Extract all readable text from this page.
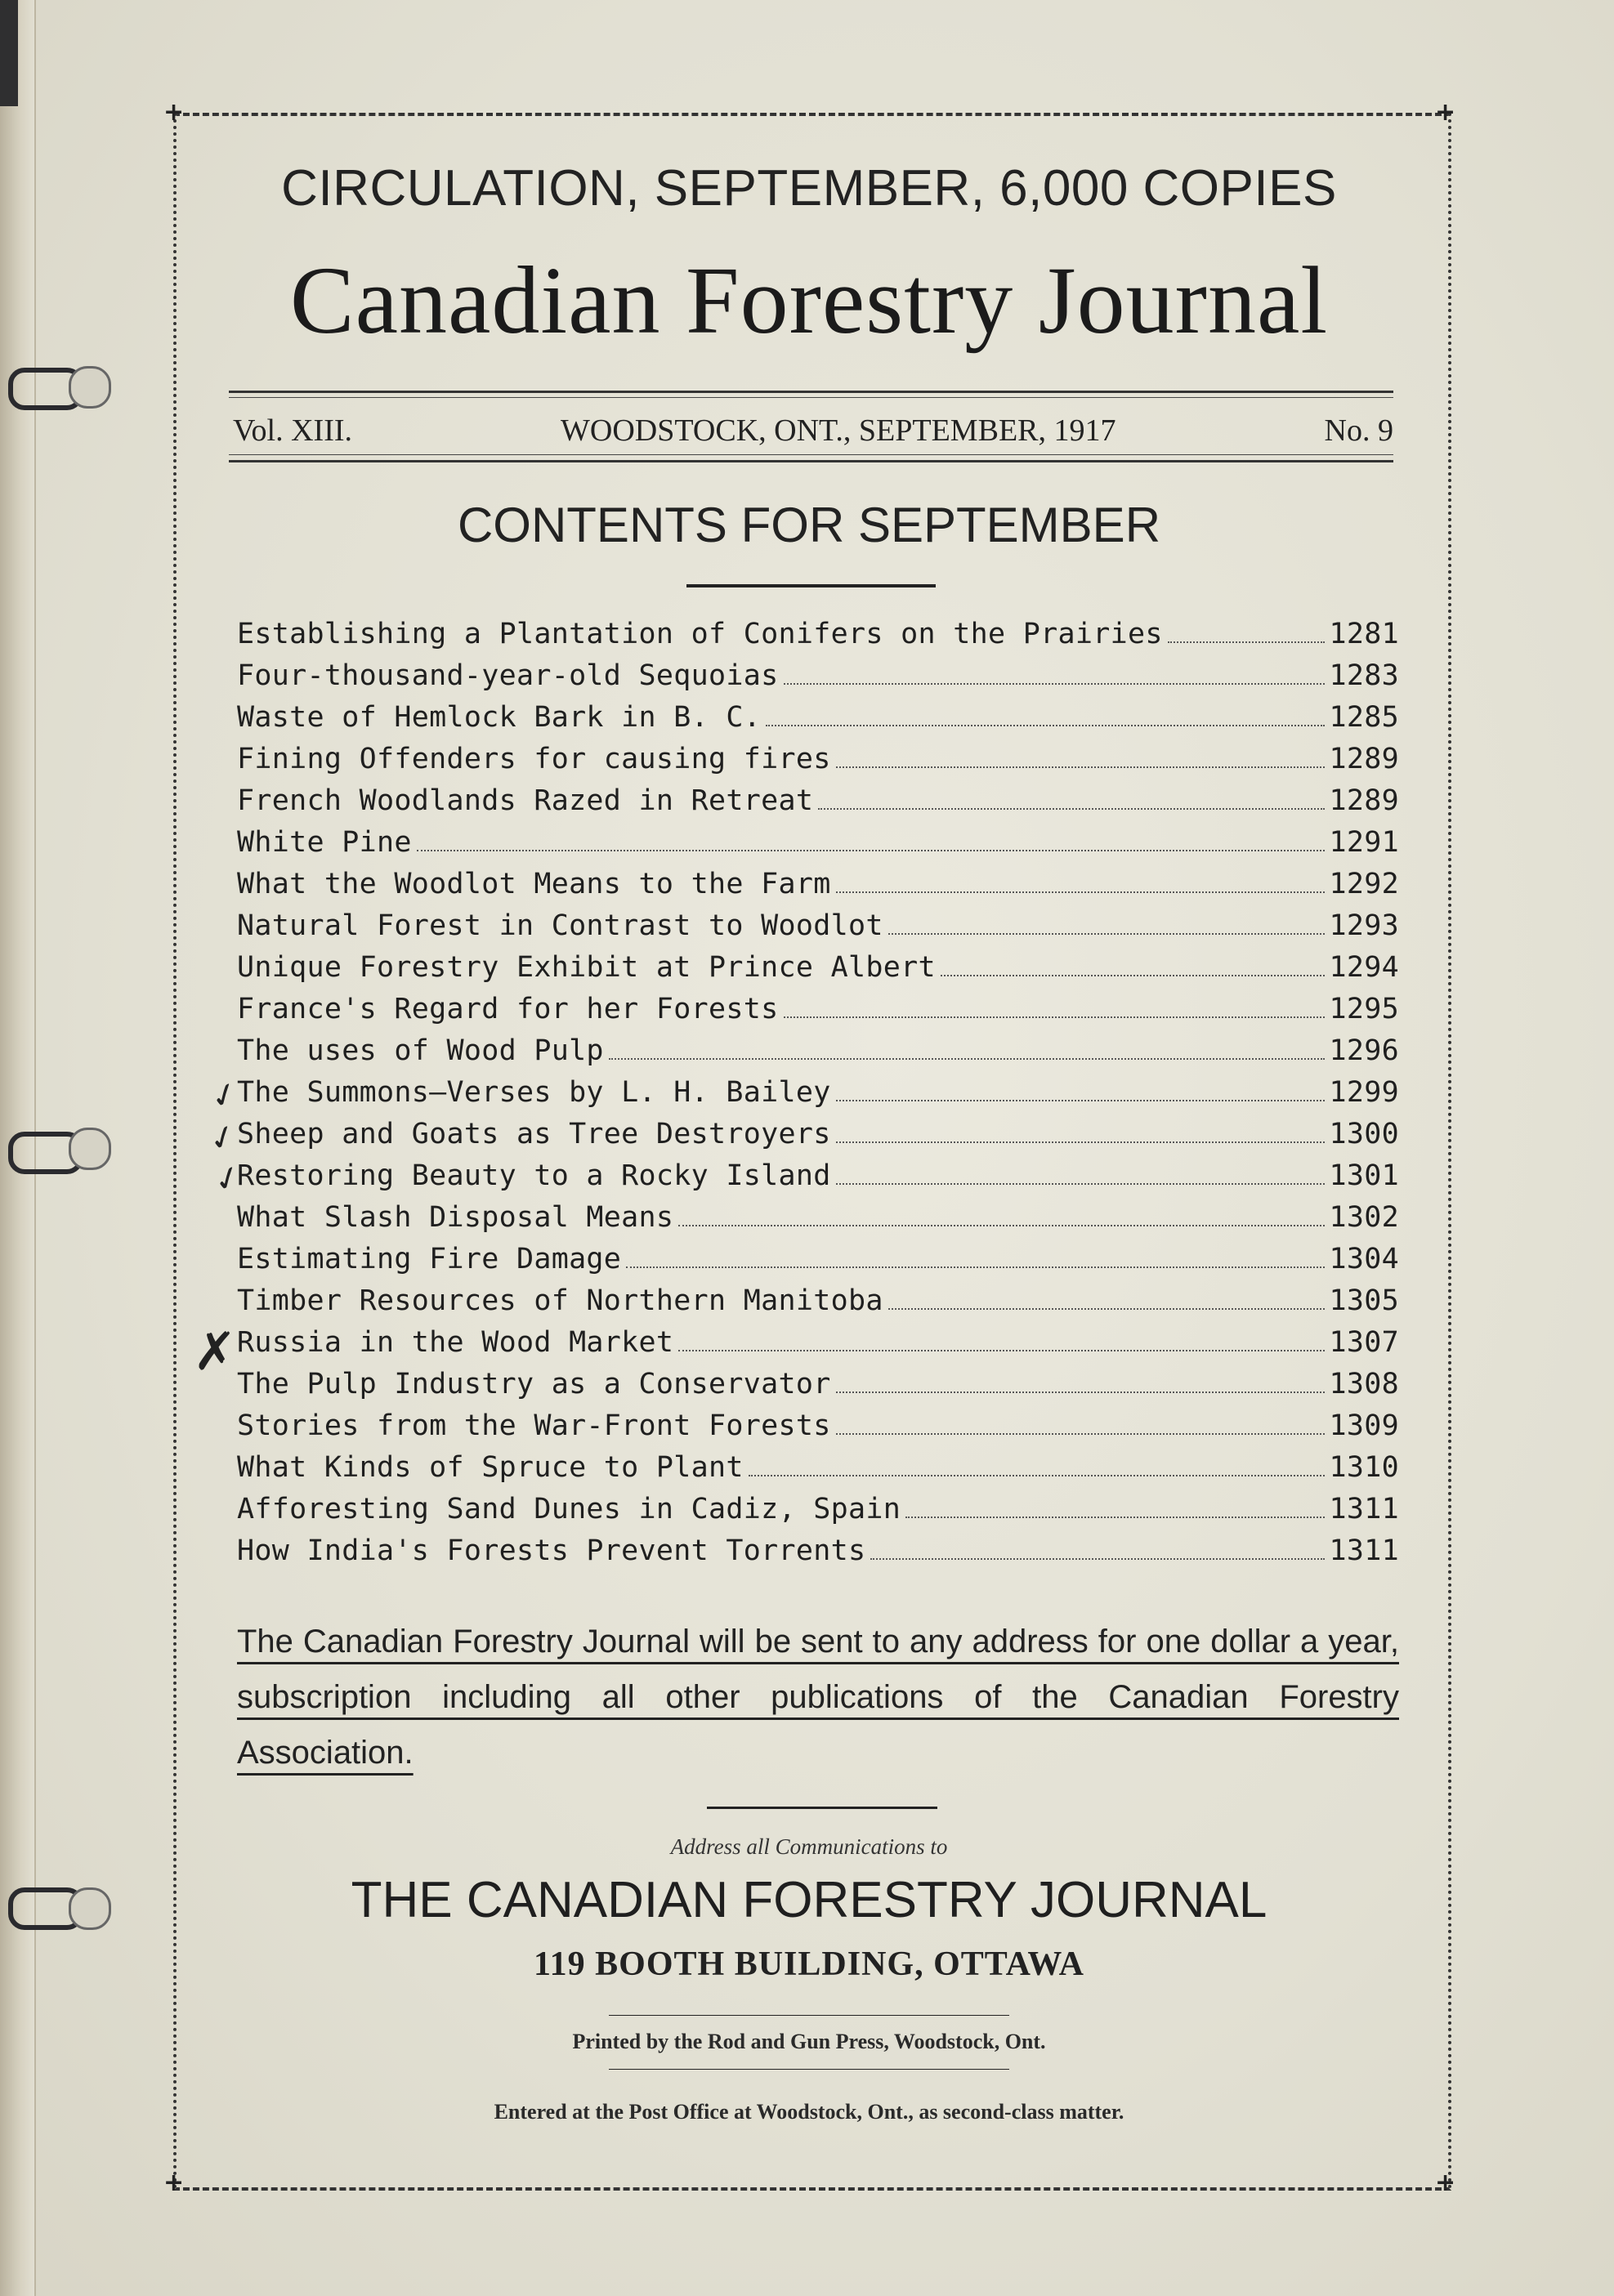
+	+
+	+
CIRCULATION, SEPTEMBER, 6,000 COPIES
Canadian Forestry Journal
Vol. XIII.	WOODSTOCK, ONT., SEPTEMBER, 1917	No. 9
CONTENTS FOR SEPTEMBER
Establishing a Plantation of Conifers on the Prairies	1281
Four-thousand-year-old Sequoias	1283
Waste of Hemlock Bark in B. C.	1285
Fining Offenders for causing fires	1289
French Woodlands Razed in Retreat	1289
White Pine	1291
What the Woodlot Means to the Farm	1292
Natural Forest in Contrast to Woodlot	1293
Unique Forestry Exhibit at Prince Albert	1294
France's Regard for her Forests	1295
The uses of Wood Pulp	1296
The Summons—Verses by L. H. Bailey	1299
Sheep and Goats as Tree Destroyers	1300
Restoring Beauty to a Rocky Island	1301
What Slash Disposal Means	1302
Estimating Fire Damage	1304
Timber Resources of Northern Manitoba	1305
Russia in the Wood Market	1307
The Pulp Industry as a Conservator	1308
Stories from the War-Front Forests	1309
What Kinds of Spruce to Plant	1310
Afforesting Sand Dunes in Cadiz, Spain	1311
How India's Forests Prevent Torrents	1311
✓
✓
✓
✗
The Canadian Forestry Journal will be sent to any address for one dollar a year, subscription including all other publications of the Canadian Forestry Association.
Address all Communications to
THE CANADIAN FORESTRY JOURNAL
119 BOOTH BUILDING, OTTAWA
Printed by the Rod and Gun Press, Woodstock, Ont.
Entered at the Post Office at Woodstock, Ont., as second-class matter.
